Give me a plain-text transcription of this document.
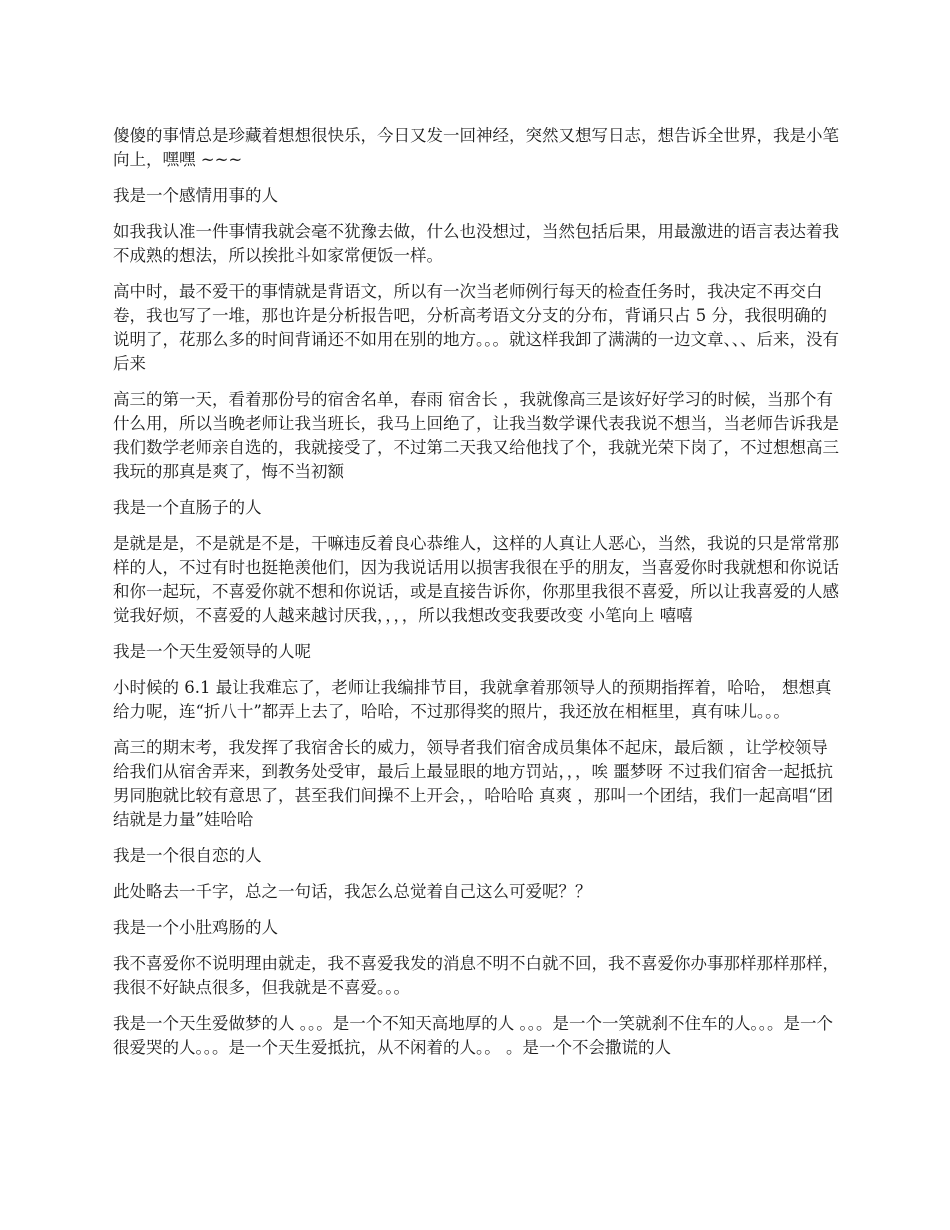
傻傻的事情总是珍藏着想想很快乐，今日又发一回神经，突然又想写日志，想告诉全世界，我是小笔向上，嘿嘿 ~~~

我是一个感情用事的人

如我我认准一件事情我就会毫不犹豫去做，什么也没想过，当然包括后果，用最激进的语言表达着我不成熟的想法，所以挨批斗如家常便饭一样。

高中时，最不爱干的事情就是背语文，所以有一次当老师例行每天的检查任务时，我决定不再交白卷，我也写了一堆，那也许是分析报告吧，分析高考语文分支的分布，背诵只占 5 分，我很明确的说明了，花那么多的时间背诵还不如用在别的地方。。。就这样我卸了满满的一边文章、、、后来，没有后来

高三的第一天，看着那份号的宿舍名单，春雨 宿舍长 ，我就像高三是该好好学习的时候，当那个有什么用，所以当晚老师让我当班长，我马上回绝了，让我当数学课代表我说不想当，当老师告诉我是我们数学老师亲自选的，我就接受了，不过第二天我又给他找了个，我就光荣下岗了，不过想想高三我玩的那真是爽了，悔不当初额

我是一个直肠子的人

是就是是，不是就是不是，干嘛违反着良心恭维人，这样的人真让人恶心，当然，我说的只是常常那样的人，不过有时也挺艳羡他们，因为我说话用以损害我很在乎的朋友，当喜爱你时我就想和你说话和你一起玩，不喜爱你就不想和你说话，或是直接告诉你，你那里我很不喜爱，所以让我喜爱的人感觉我好烦，不喜爱的人越来越讨厌我，，，，所以我想改变我要改变 小笔向上 嘻嘻

我是一个天生爱领导的人呢

小时候的 6.1 最让我难忘了，老师让我编排节目，我就拿着那领导人的预期指挥着，哈哈， 想想真给力呢，连“折八十”都弄上去了，哈哈，不过那得奖的照片，我还放在相框里，真有味儿。。。

高三的期末考，我发挥了我宿舍长的威力，领导者我们宿舍成员集体不起床，最后额 ，让学校领导给我们从宿舍弄来，到教务处受审，最后上最显眼的地方罚站，，，唉 噩梦呀 不过我们宿舍一起抵抗男同胞就比较有意思了，甚至我们间操不上开会，，哈哈哈 真爽 ，那叫一个团结，我们一起高唱“团结就是力量”娃哈哈

我是一个很自恋的人

此处略去一千字，总之一句话，我怎么总觉着自己这么可爱呢？？

我是一个小肚鸡肠的人

我不喜爱你不说明理由就走，我不喜爱我发的消息不明不白就不回，我不喜爱你办事那样那样那样，我很不好缺点很多，但我就是不喜爱。。。

我是一个天生爱做梦的人 。。。是一个不知天高地厚的人 。。。是一个一笑就刹不住车的人。。。是一个很爱哭的人。。。是一个天生爱抵抗，从不闲着的人。。 。是一个不会撒谎的人
